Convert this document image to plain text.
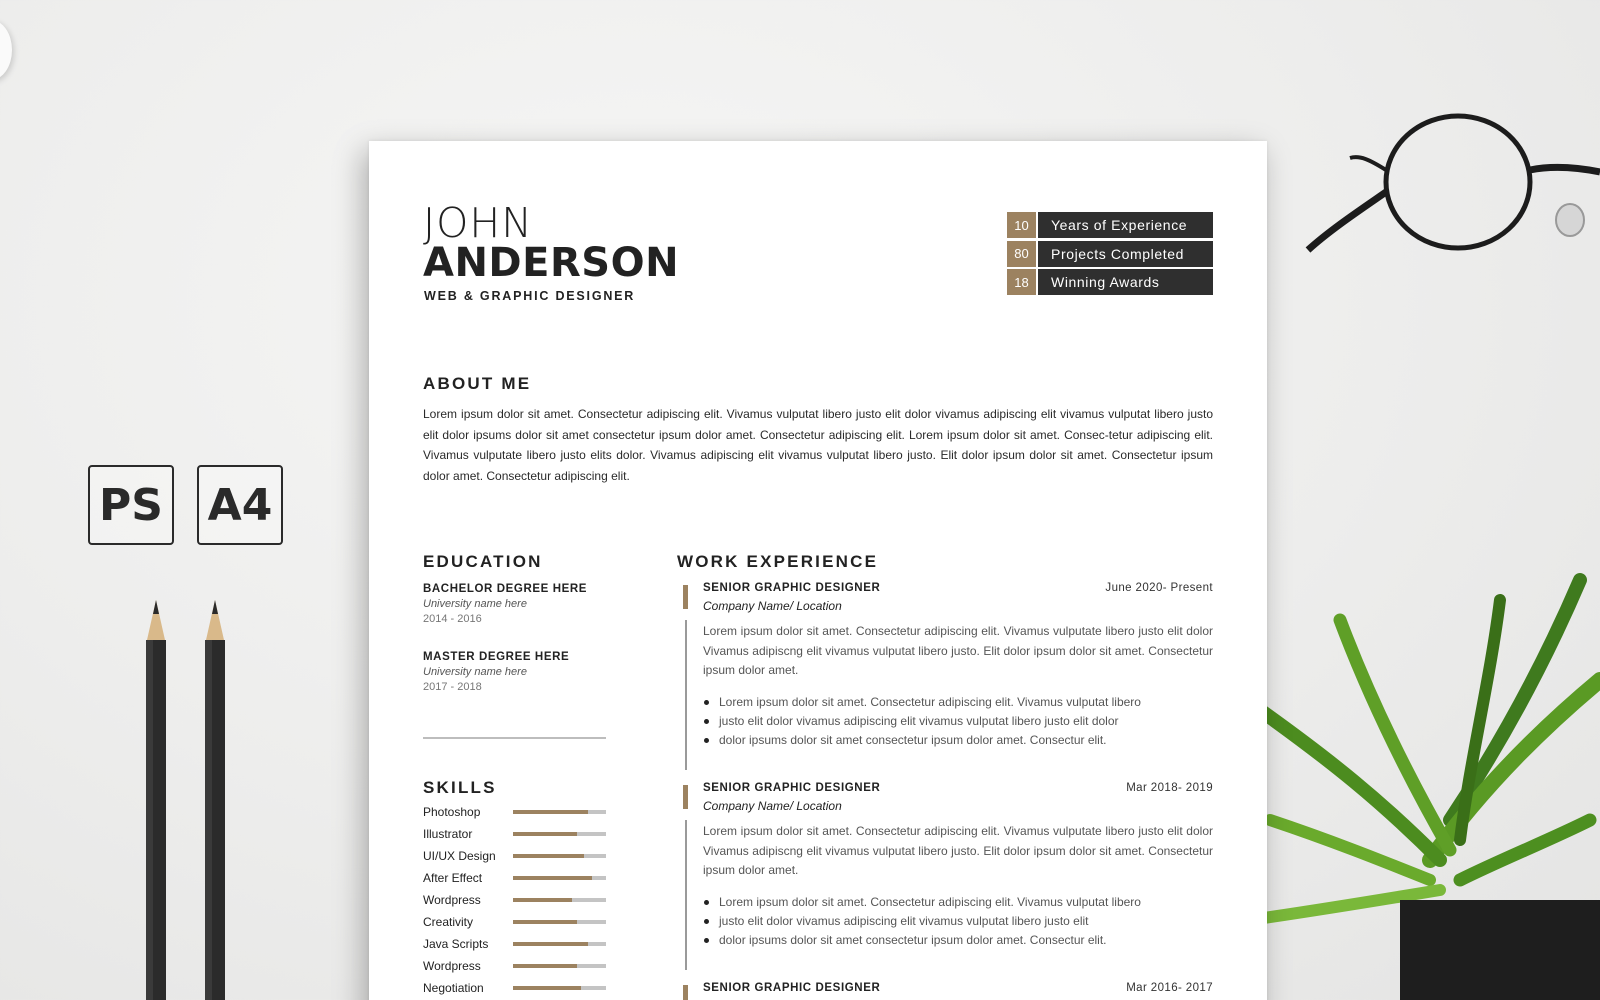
PS A4
JOHN
ANDERSON
WEB & GRAPHIC DESIGNER
10	Years of Experience
80	Projects Completed
18	Winning Awards
ABOUT ME
Lorem ipsum dolor sit amet. Consectetur adipiscing elit. Vivamus vulputat libero justo elit dolor vivamus adipiscing elit vivamus vulputat libero justo elit dolor ipsums dolor sit amet consectetur ipsum dolor amet. Consectetur adipiscing elit. Lorem ipsum dolor sit amet. Consec-tetur adipiscing elit. Vivamus vulputate libero justo elits dolor. Vivamus adipiscing elit vivamus vulputat libero justo. Elit dolor ipsum dolor sit amet. Consectetur ipsum dolor amet. Consectetur adipiscing elit.
EDUCATION
BACHELOR DEGREE HERE
University name here
2014 - 2016
MASTER DEGREE HERE
University name here
2017 - 2018
SKILLS
Photoshop
Illustrator
UI/UX Design
After Effect
Wordpress
Creativity
Java Scripts
Wordpress
Negotiation
WORK EXPERIENCE
SENIOR GRAPHIC DESIGNER	June 2020- Present
Company Name/ Location
Lorem ipsum dolor sit amet. Consectetur adipiscing elit. Vivamus vulputate libero justo elit dolor Vivamus adipiscng elit vivamus vulputat libero justo. Elit dolor ipsum dolor sit amet. Consectetur ipsum dolor amet.
Lorem ipsum dolor sit amet. Consectetur adipiscing elit. Vivamus vulputat libero
justo elit dolor vivamus adipiscing elit vivamus vulputat libero justo elit dolor
dolor ipsums dolor sit amet consectetur ipsum dolor amet. Consectur elit.
SENIOR GRAPHIC DESIGNER	Mar 2018- 2019
Company Name/ Location
Lorem ipsum dolor sit amet. Consectetur adipiscing elit. Vivamus vulputate libero justo elit dolor Vivamus adipiscng elit vivamus vulputat libero justo. Elit dolor ipsum dolor sit amet. Consectetur ipsum dolor amet.
Lorem ipsum dolor sit amet. Consectetur adipiscing elit. Vivamus vulputat libero
justo elit dolor vivamus adipiscing elit vivamus vulputat libero justo elit
dolor ipsums dolor sit amet consectetur ipsum dolor amet. Consectur elit.
SENIOR GRAPHIC DESIGNER	Mar 2016- 2017
